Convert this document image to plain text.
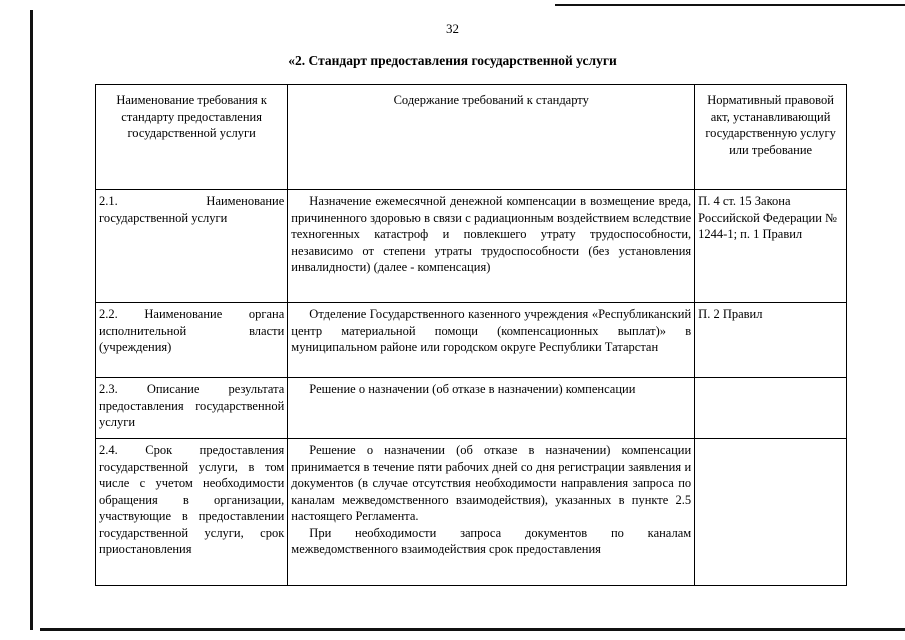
32
«2. Стандарт предоставления государственной услуги
Наименование требования к стандарту предоставления государственной услуги	Содержание требований к стандарту	Нормативный правовой акт, устанавливающий государственную услугу или требование
2.1. Наименование государственной услуги	Назначение ежемесячной денежной компенсации в возмещение вреда, причиненного здоровью в связи с радиационным воздействием вследствие техногенных катастроф и повлекшего утрату трудоспособности, независимо от степени утраты трудоспособности (без установления инвалидности) (далее - компенсация)	П. 4 ст. 15 Закона Российской Федерации № 1244-1; п. 1 Правил
2.2. Наименование органа исполнительной власти (учреждения)	Отделение Государственного казенного учреждения «Республиканский центр материальной помощи (компенсационных выплат)» в муниципальном районе или городском округе Республики Татарстан	П. 2 Правил
2.3. Описание результата предоставления государственной услуги	Решение о назначении (об отказе в назначении) компенсации	

2.4. Срок предоставления государственной услуги, в том числе с учетом необходимости обращения в организации, участвующие в предоставлении государственной услуги, срок приостановления	Решение о назначении (об отказе в назначении) компенсации принимается в течение пяти рабочих дней со дня регистрации заявления и документов (в случае отсутствия необходимости направления запроса по каналам межведомственного взаимодействия), указанных в пункте 2.5 настоящего Регламента.
При необходимости запроса документов по каналам межведомственного взаимодействия срок предоставления	
